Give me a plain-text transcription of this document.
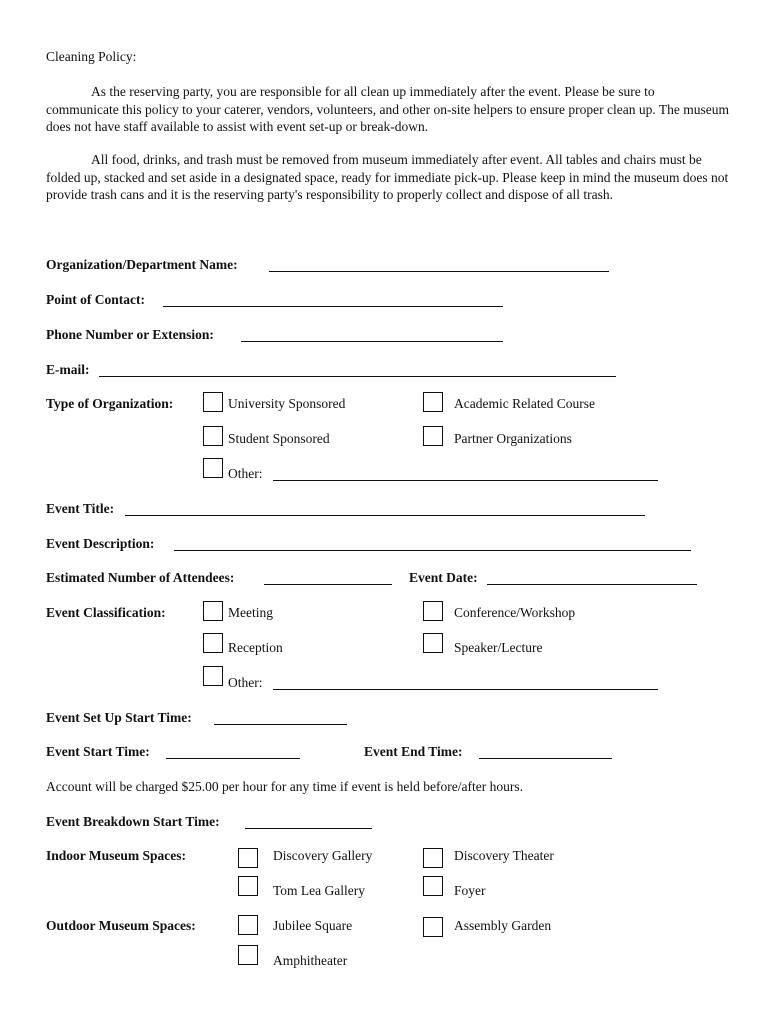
Cleaning Policy:
As the reserving party, you are responsible for all clean up immediately after the event. Please be sure to communicate this policy to your caterer, vendors, volunteers, and other on-site helpers to ensure proper clean up. The museum does not have staff available to assist with event set-up or break-down.
All food, drinks, and trash must be removed from museum immediately after event. All tables and chairs must be folded up, stacked and set aside in a designated space, ready for immediate pick-up. Please keep in mind the museum does not provide trash cans and it is the reserving party's responsibility to properly collect and dispose of all trash.
Organization/Department Name:
Point of Contact:
Phone Number or Extension:
E-mail:
Type of Organization:	University Sponsored	Academic Related Course
Student Sponsored	Partner Organizations
Other:
Event Title:
Event Description:
Estimated Number of Attendees:	Event Date:
Event Classification:	Meeting	Conference/Workshop
Reception	Speaker/Lecture
Other:
Event Set Up Start Time:
Event Start Time:	Event End Time:
Account will be charged $25.00 per hour for any time if event is held before/after hours.
Event Breakdown Start Time:
Indoor Museum Spaces:	Discovery Gallery	Discovery Theater
Tom Lea Gallery	Foyer
Outdoor Museum Spaces:	Jubilee Square	Assembly Garden
Amphitheater
